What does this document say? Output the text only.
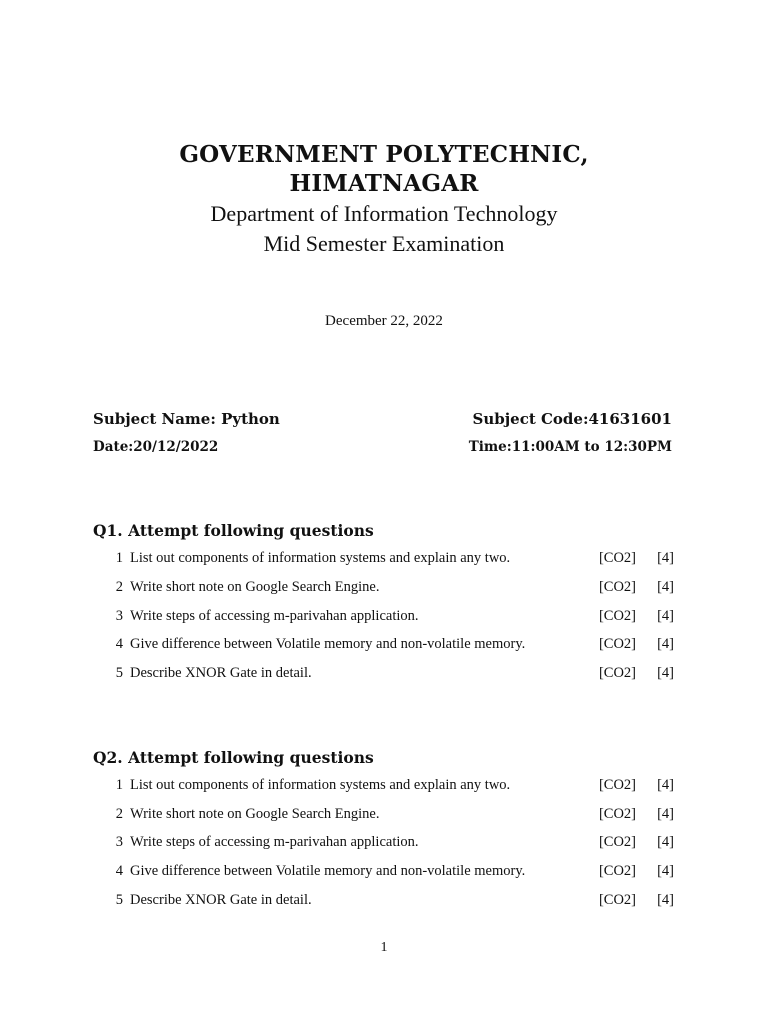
GOVERNMENT POLYTECHNIC,
HIMATNAGAR
Department of Information Technology
Mid Semester Examination
December 22, 2022
Subject Name: Python	Subject Code:41631601
Date:20/12/2022	Time:11:00AM to 12:30PM
Q1. Attempt following questions
1 List out components of information systems and explain any two.	[CO2]	[4]
2 Write short note on Google Search Engine.	[CO2]	[4]
3 Write steps of accessing m-parivahan application.	[CO2]	[4]
4 Give difference between Volatile memory and non-volatile memory.	[CO2]	[4]
5 Describe XNOR Gate in detail.	[CO2]	[4]
Q2. Attempt following questions
1 List out components of information systems and explain any two.	[CO2]	[4]
2 Write short note on Google Search Engine.	[CO2]	[4]
3 Write steps of accessing m-parivahan application.	[CO2]	[4]
4 Give difference between Volatile memory and non-volatile memory.	[CO2]	[4]
5 Describe XNOR Gate in detail.	[CO2]	[4]
1
